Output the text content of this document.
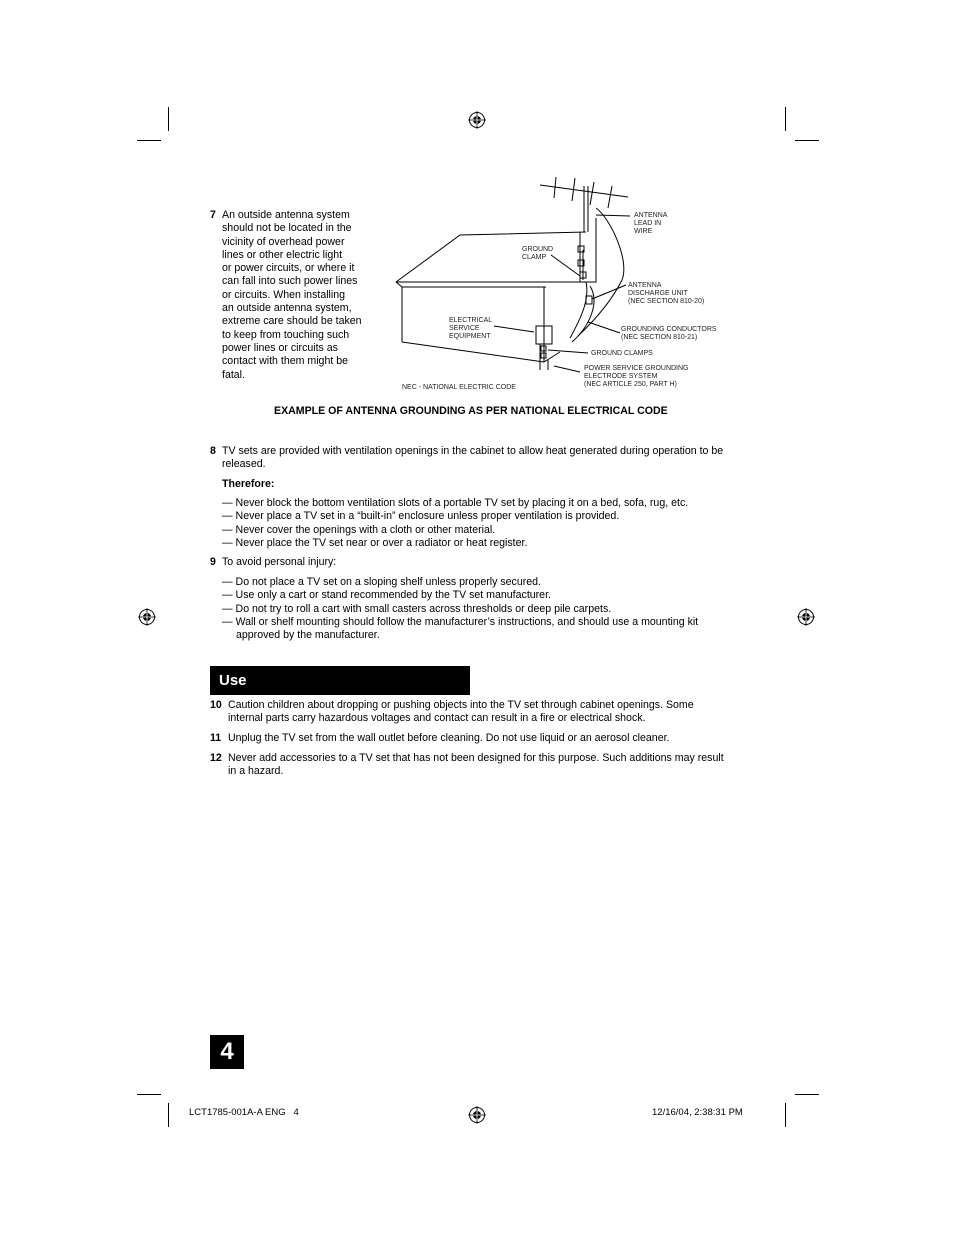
7 An outside antenna system
should not be located in the
vicinity of overhead power
lines or other electric light
or power circuits, or where it
can fall into such power lines
or circuits. When installing
an outside antenna system,
extreme care should be taken
to keep from touching such
power lines or circuits as
contact with them might be
fatal.
ANTENNA
LEAD IN
WIRE
GROUND
CLAMP
ANTENNA
DISCHARGE UNIT
(NEC SECTION 810-20)
ELECTRICAL
SERVICE
EQUIPMENT
GROUNDING CONDUCTORS
(NEC SECTION 810-21)
GROUND CLAMPS
POWER SERVICE GROUNDING
ELECTRODE SYSTEM
(NEC ARTICLE 250, PART H)
NEC - NATIONAL ELECTRIC CODE
EXAMPLE OF ANTENNA GROUNDING AS PER NATIONAL ELECTRICAL CODE
8 TV sets are provided with ventilation openings in the cabinet to allow heat generated during operation to be
released.
Therefore:
— Never block the bottom ventilation slots of a portable TV set by placing it on a bed, sofa, rug, etc.
— Never place a TV set in a “built-in” enclosure unless proper ventilation is provided.
— Never cover the openings with a cloth or other material.
— Never place the TV set near or over a radiator or heat register.
9 To avoid personal injury:
— Do not place a TV set on a sloping shelf unless properly secured.
— Use only a cart or stand recommended by the TV set manufacturer.
— Do not try to roll a cart with small casters across thresholds or deep pile carpets.
— Wall or shelf mounting should follow the manufacturer’s instructions, and should use a mounting kit
approved by the manufacturer.
Use
10 Caution children about dropping or pushing objects into the TV set through cabinet openings. Some
internal parts carry hazardous voltages and contact can result in a fire or electrical shock.
11 Unplug the TV set from the wall outlet before cleaning. Do not use liquid or an aerosol cleaner.
12 Never add accessories to a TV set that has not been designed for this purpose. Such additions may result
in a hazard.
4
LCT1785-001A-A ENG   4	12/16/04, 2:38:31 PM
